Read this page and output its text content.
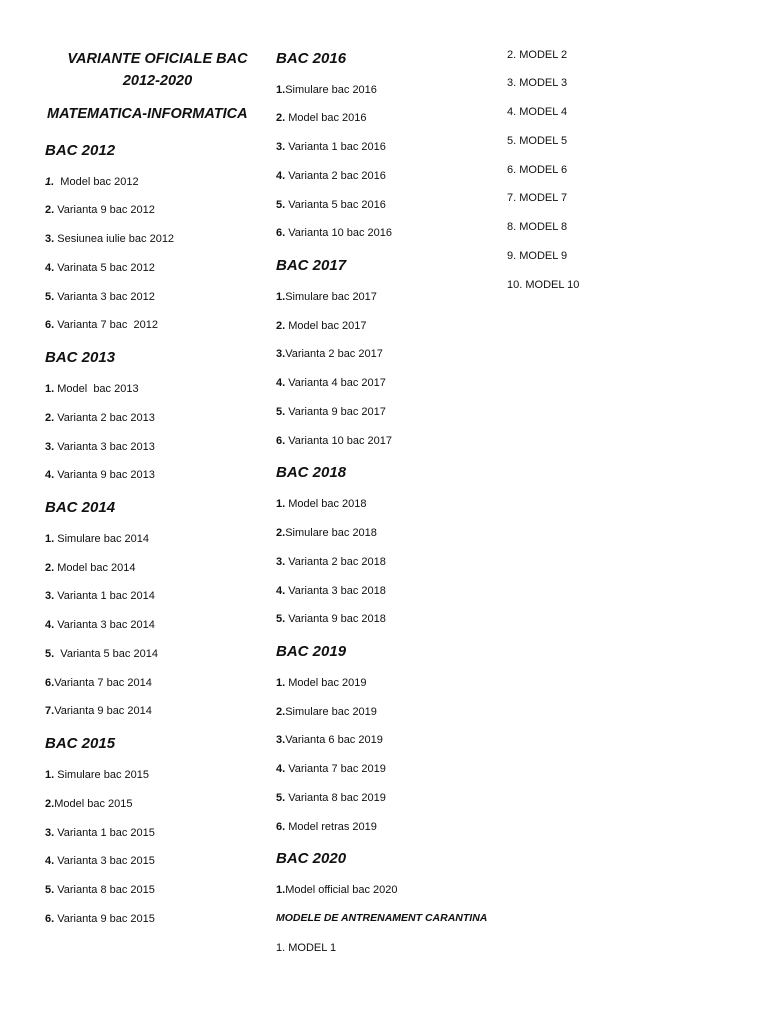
VARIANTE OFICIALE BAC
2012-2020
MATEMATICA-INFORMATICA
BAC 2012
1.  Model bac 2012
2. Varianta 9 bac 2012
3. Sesiunea iulie bac 2012
4. Varinata 5 bac 2012
5. Varianta 3 bac 2012
6. Varianta 7 bac  2012
BAC 2013
1. Model  bac 2013
2. Varianta 2 bac 2013
3. Varianta 3 bac 2013
4. Varianta 9 bac 2013
BAC 2014
1. Simulare bac 2014
2. Model bac 2014
3. Varianta 1 bac 2014
4. Varianta 3 bac 2014
5.  Varianta 5 bac 2014
6.Varianta 7 bac 2014
7.Varianta 9 bac 2014
BAC 2015
1. Simulare bac 2015
2.Model bac 2015
3. Varianta 1 bac 2015
4. Varianta 3 bac 2015
5. Varianta 8 bac 2015
6. Varianta 9 bac 2015
BAC 2016
1.Simulare bac 2016
2. Model bac 2016
3. Varianta 1 bac 2016
4. Varianta 2 bac 2016
5. Varianta 5 bac 2016
6. Varianta 10 bac 2016
BAC 2017
1.Simulare bac 2017
2. Model bac 2017
3.Varianta 2 bac 2017
4. Varianta 4 bac 2017
5. Varianta 9 bac 2017
6. Varianta 10 bac 2017
BAC 2018
1. Model bac 2018
2.Simulare bac 2018
3. Varianta 2 bac 2018
4. Varianta 3 bac 2018
5. Varianta 9 bac 2018
BAC 2019
1. Model bac 2019
2.Simulare bac 2019
3.Varianta 6 bac 2019
4. Varianta 7 bac 2019
5. Varianta 8 bac 2019
6. Model retras 2019
BAC 2020
1.Model official bac 2020
MODELE DE ANTRENAMENT CARANTINA
1. MODEL 1
2. MODEL 2
3. MODEL 3
4. MODEL 4
5. MODEL 5
6. MODEL 6
7. MODEL 7
8. MODEL 8
9. MODEL 9
10. MODEL 10
